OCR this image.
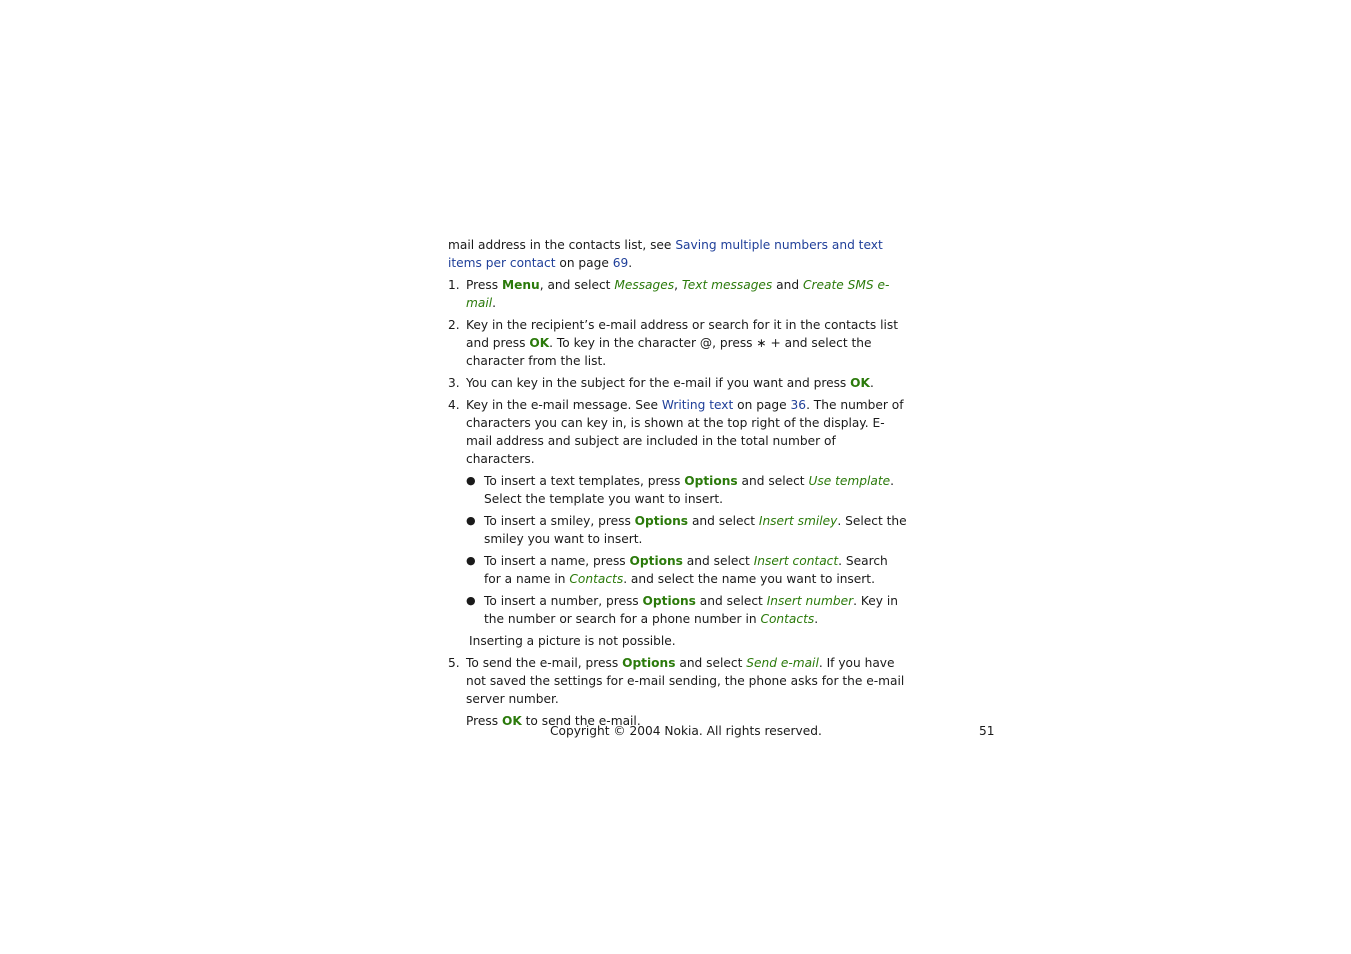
mail address in the contacts list, see Saving multiple numbers and text items per contact on page 69.

1. Press Menu, and select Messages, Text messages and Create SMS e-mail.
2. Key in the recipient’s e-mail address or search for it in the contacts list and press OK. To key in the character @, press ∗ + and select the character from the list.
3. You can key in the subject for the e-mail if you want and press OK.
4. Key in the e-mail message. See Writing text on page 36. The number of characters you can key in, is shown at the top right of the display. E-mail address and subject are included in the total number of characters.
● To insert a text templates, press Options and select Use template. Select the template you want to insert.
● To insert a smiley, press Options and select Insert smiley. Select the smiley you want to insert.
● To insert a name, press Options and select Insert contact. Search for a name in Contacts. and select the name you want to insert.
● To insert a number, press Options and select Insert number. Key in the number or search for a phone number in Contacts.

Inserting a picture is not possible.

5. To send the e-mail, press Options and select Send e-mail. If you have not saved the settings for e-mail sending, the phone asks for the e-mail server number.

Press OK to send the e-mail.

Copyright © 2004 Nokia. All rights reserved.	51
